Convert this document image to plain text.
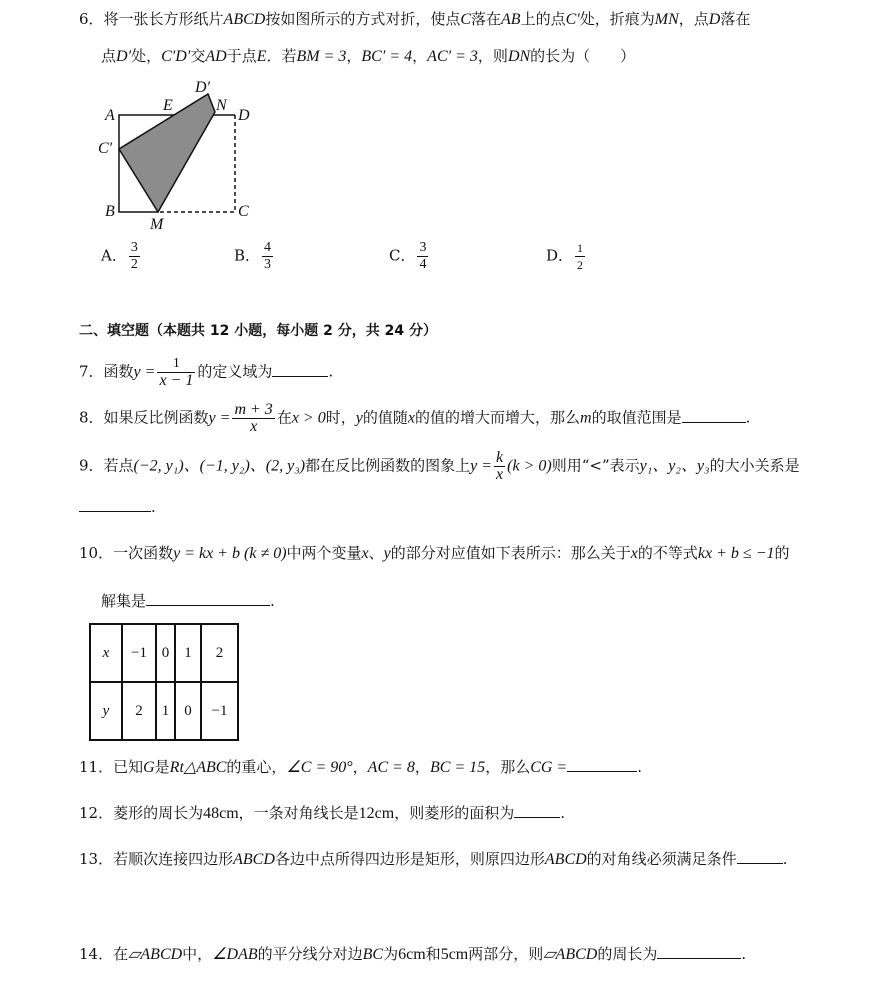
6．将一张长方形纸片ABCD按如图所示的方式对折，使点C落在AB上的点C′处，折痕为MN，点D落在
点D′处，C′D′交AD于点E．若BM = 3，BC′ = 4，AC′ = 3，则DN的长为（　　）
A
E
D′
N
D
C′
B
M
C
A． $\frac{3}{2}$	B． $\frac{4}{3}$	C． $\frac{3}{4}$	D． $\frac{1}{2}$
二、填空题（本题共 12 小题，每小题 2 分，共 24 分）
7．函数$y = \frac{1}{x - 1}$ 的定义域为	.
8．如果反比例函数$y = \frac{m + 3}{x}$ 在x > 0时，y的值随x的值的增大而增大，那么m的取值范围是	.
9．若点(−2, y₁)、(−1, y₂)、(2, y₃)都在反比例函数的图象上$y = \frac{k}{x} (k > 0)$则用“<”表示y₁、y₂、y₃的大小关系是
.
10．一次函数y = kx + b (k ≠ 0)中两个变量x、y的部分对应值如下表所示：那么关于x的不等式kx + b ≤ −1的
解集是	.
x	−1	0	1	2
y	2	1	0	−1
11．已知G是Rt△ABC的重心，∠C = 90°，AC = 8，BC = 15，那么CG =	.
12．菱形的周长为48cm，一条对角线长是12cm，则菱形的面积为	.
13．若顺次连接四边形ABCD各边中点所得四边形是矩形，则原四边形ABCD的对角线必须满足条件	.
14．在▱ABCD中，∠DAB的平分线分对边BC为6cm和5cm两部分，则▱ABCD的周长为	.
